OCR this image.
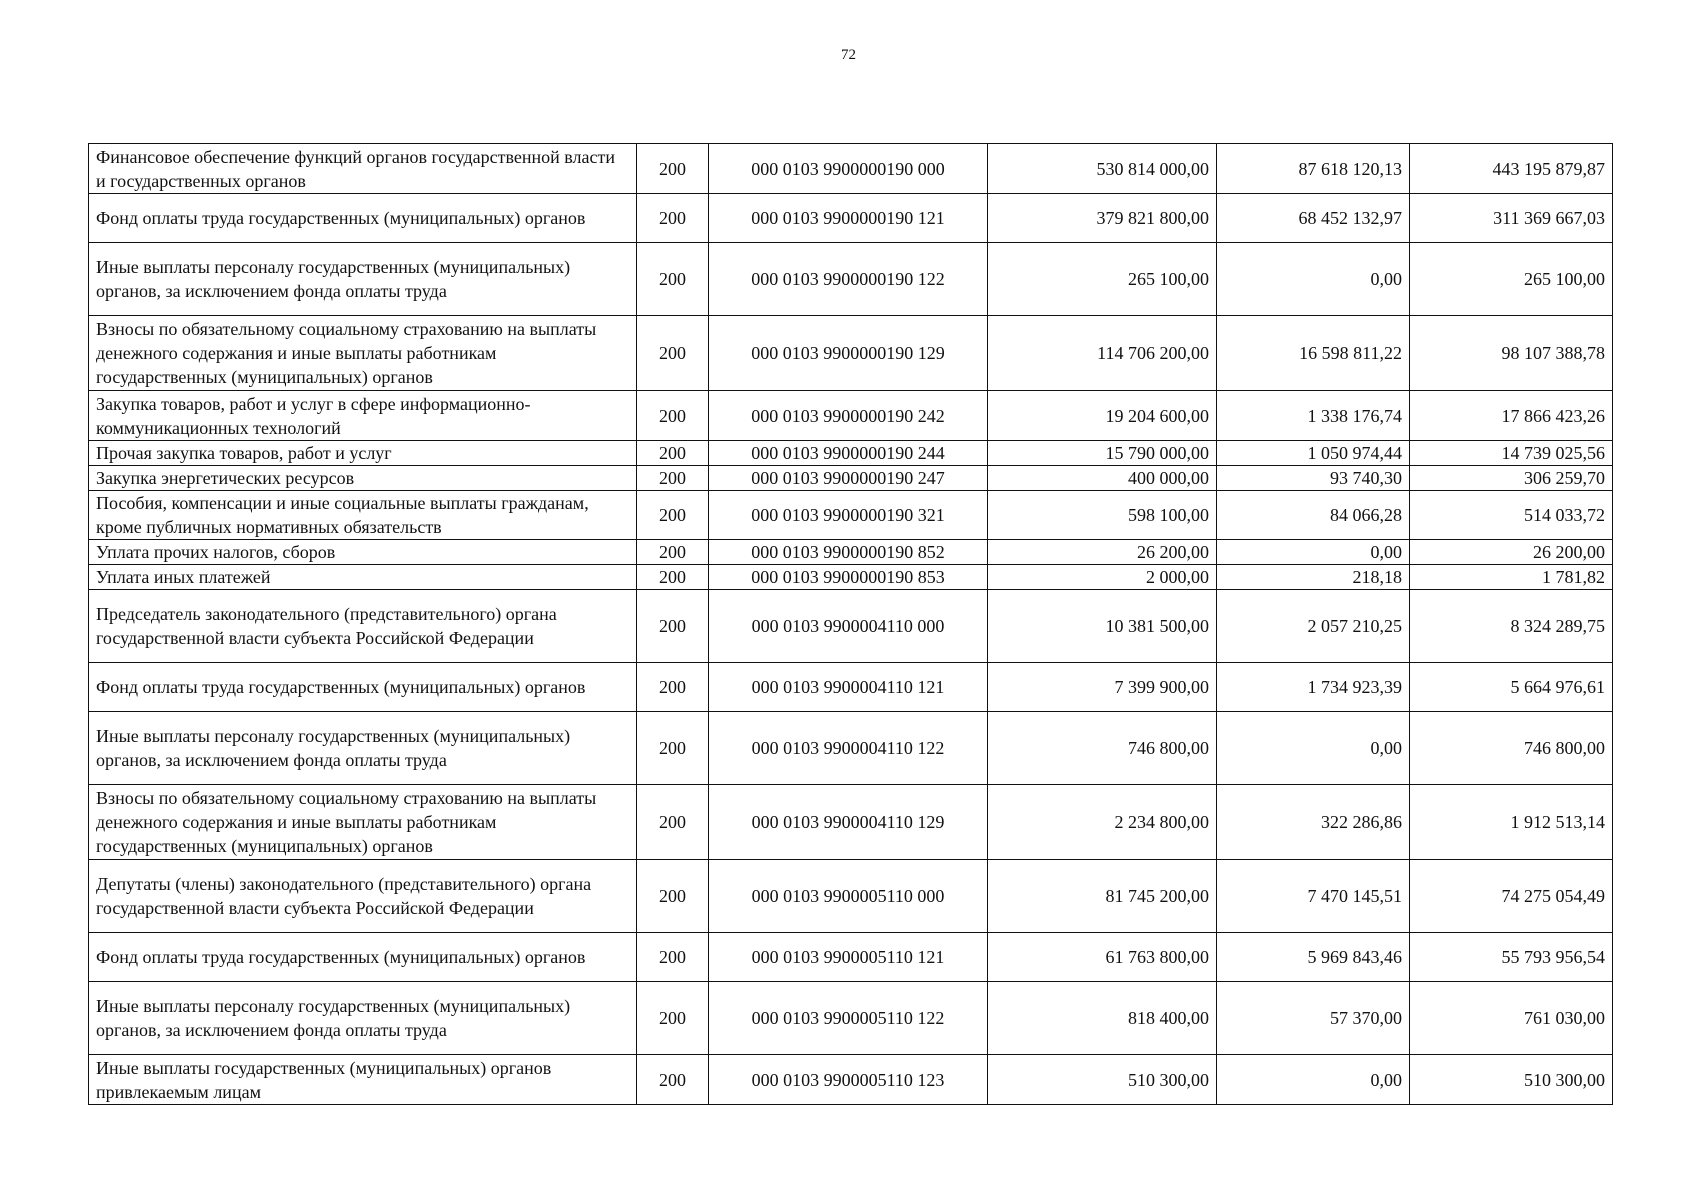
72
Финансовое обеспечение функций органов государственной власти и государственных органов	200	000 0103 9900000190 000	530 814 000,00	87 618 120,13	443 195 879,87
Фонд оплаты труда государственных (муниципальных) органов	200	000 0103 9900000190 121	379 821 800,00	68 452 132,97	311 369 667,03
Иные выплаты персоналу государственных (муниципальных) органов, за исключением фонда оплаты труда	200	000 0103 9900000190 122	265 100,00	0,00	265 100,00
Взносы по обязательному социальному страхованию на выплаты денежного содержания и иные выплаты работникам государственных (муниципальных) органов	200	000 0103 9900000190 129	114 706 200,00	16 598 811,22	98 107 388,78
Закупка товаров, работ и услуг в сфере информационно-коммуникационных технологий	200	000 0103 9900000190 242	19 204 600,00	1 338 176,74	17 866 423,26
Прочая закупка товаров, работ и услуг	200	000 0103 9900000190 244	15 790 000,00	1 050 974,44	14 739 025,56
Закупка энергетических ресурсов	200	000 0103 9900000190 247	400 000,00	93 740,30	306 259,70
Пособия, компенсации и иные социальные выплаты гражданам, кроме публичных нормативных обязательств	200	000 0103 9900000190 321	598 100,00	84 066,28	514 033,72
Уплата прочих налогов, сборов	200	000 0103 9900000190 852	26 200,00	0,00	26 200,00
Уплата иных платежей	200	000 0103 9900000190 853	2 000,00	218,18	1 781,82
Председатель законодательного (представительного) органа государственной власти субъекта Российской Федерации	200	000 0103 9900004110 000	10 381 500,00	2 057 210,25	8 324 289,75
Фонд оплаты труда государственных (муниципальных) органов	200	000 0103 9900004110 121	7 399 900,00	1 734 923,39	5 664 976,61
Иные выплаты персоналу государственных (муниципальных) органов, за исключением фонда оплаты труда	200	000 0103 9900004110 122	746 800,00	0,00	746 800,00
Взносы по обязательному социальному страхованию на выплаты денежного содержания и иные выплаты работникам государственных (муниципальных) органов	200	000 0103 9900004110 129	2 234 800,00	322 286,86	1 912 513,14
Депутаты (члены) законодательного (представительного) органа государственной власти субъекта Российской Федерации	200	000 0103 9900005110 000	81 745 200,00	7 470 145,51	74 275 054,49
Фонд оплаты труда государственных (муниципальных) органов	200	000 0103 9900005110 121	61 763 800,00	5 969 843,46	55 793 956,54
Иные выплаты персоналу государственных (муниципальных) органов, за исключением фонда оплаты труда	200	000 0103 9900005110 122	818 400,00	57 370,00	761 030,00
Иные выплаты государственных (муниципальных) органов привлекаемым лицам	200	000 0103 9900005110 123	510 300,00	0,00	510 300,00
